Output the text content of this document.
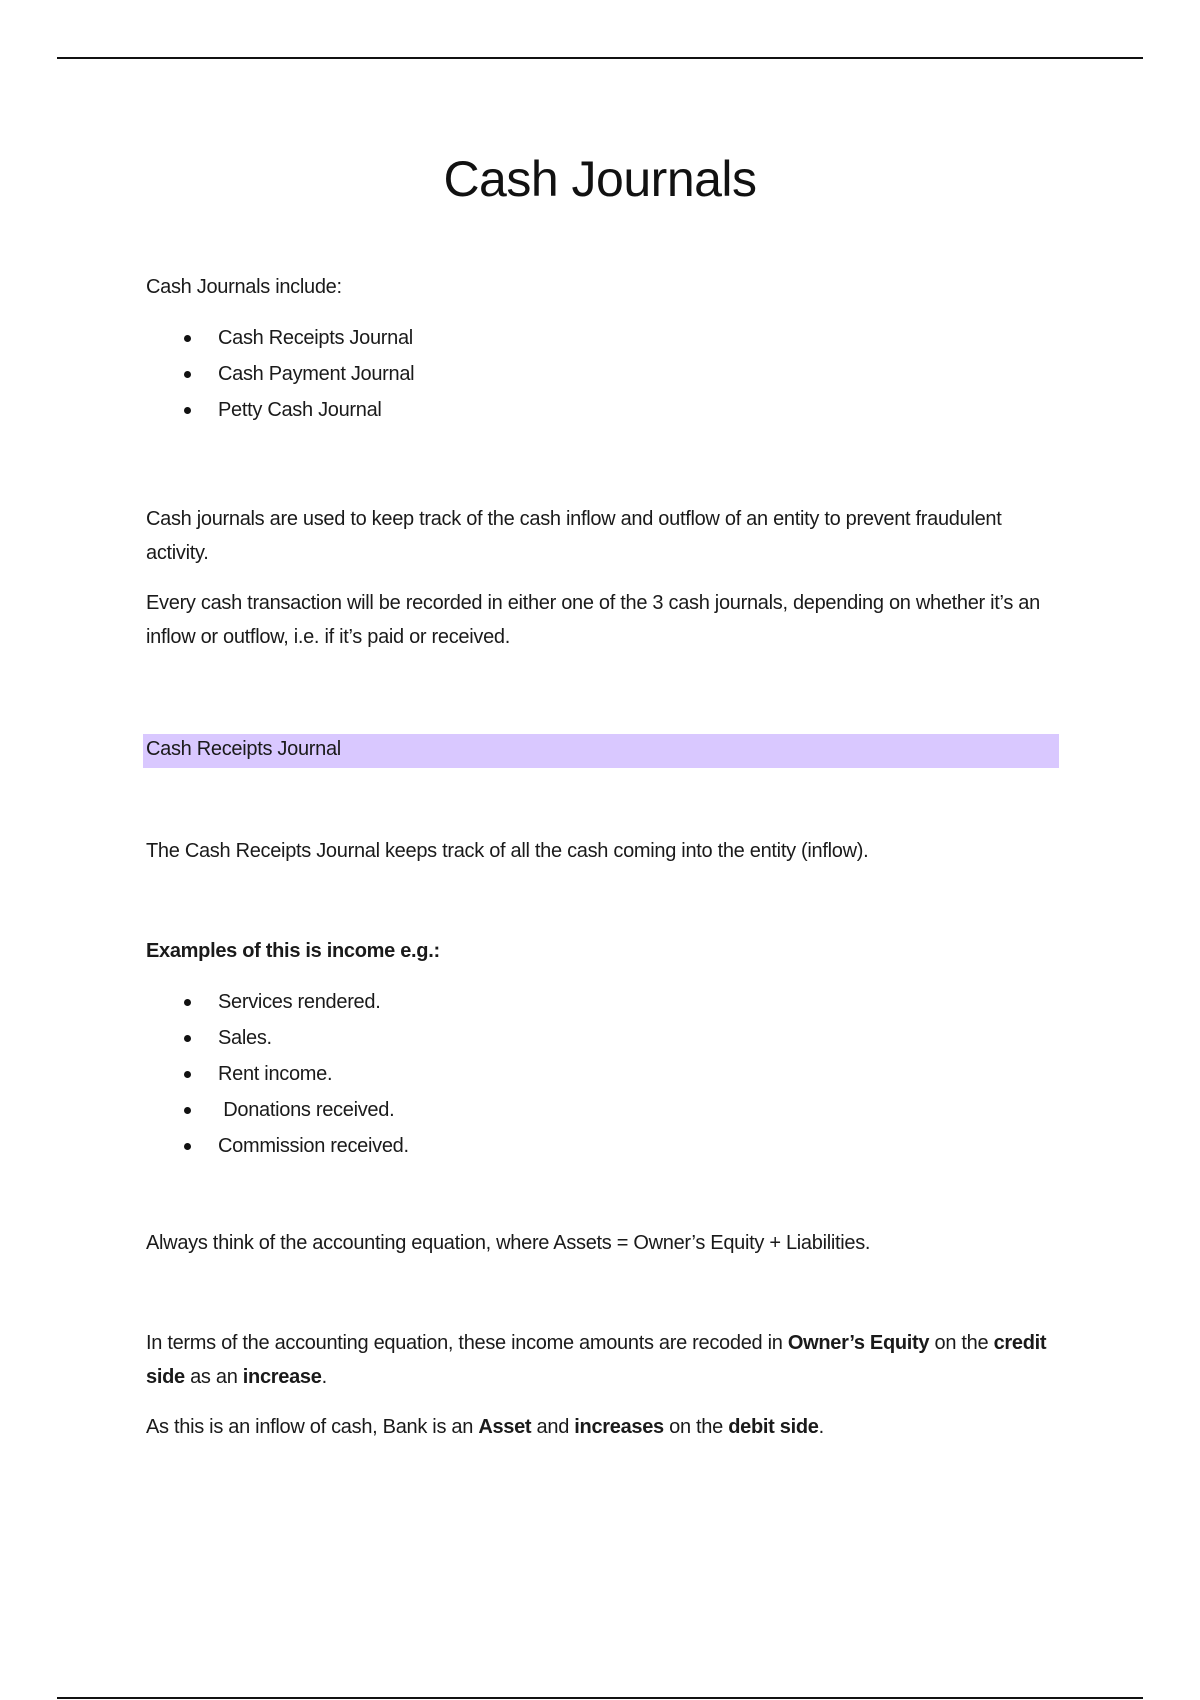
Cash Journals

Cash Journals include:

Cash Receipts Journal
Cash Payment Journal
Petty Cash Journal

Cash journals are used to keep track of the cash inflow and outflow of an entity to prevent fraudulent activity.

Every cash transaction will be recorded in either one of the 3 cash journals, depending on whether it’s an inflow or outflow, i.e. if it’s paid or received.

Cash Receipts Journal

The Cash Receipts Journal keeps track of all the cash coming into the entity (inflow).

Examples of this is income e.g.:

Services rendered.
Sales.
Rent income.
Donations received.
Commission received.

Always think of the accounting equation, where Assets = Owner’s Equity + Liabilities.

In terms of the accounting equation, these income amounts are recoded in Owner’s Equity on the credit side as an increase.

As this is an inflow of cash, Bank is an Asset and increases on the debit side.
